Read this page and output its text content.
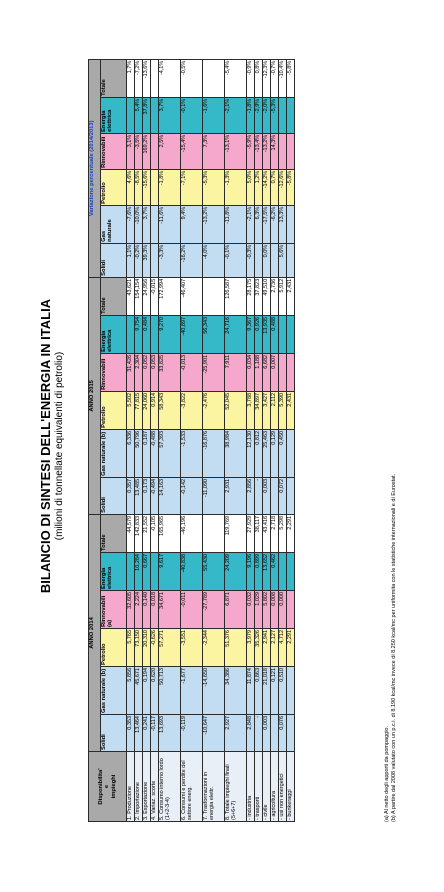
BILANCIO DI SINTESI DELL'ENERGIA IN ITALIA (milioni di tonnellate equivalenti di petrolio)
Disponibilita' e impieghi	ANNO 2014						ANNO 2015						Variazione percentuale (2014/2013)					
	Solidi	Gas naturale (b)	Petrolio	Rinnovabili (a)	Energia elettrica	Totale	Solidi	Gas naturale (b)	Petrolio	Rinnovabili	Energia elettrica	Totale	Solidi	Gas naturale	Petrolio	Rinnovabili	Energia elettrica	Totale
1. Produzione	0,353	5,856	5,765	32,605		44,579	0,357	6,336	5,502	31,426		43,621	1,1%	-7,6%	4,6%	3,1%		1,7%
2. Importazione	13,464	45,671	73,150	2,224	10,284	142,833	13,485	50,796	77,815	2,304	9,754	154,154	-0,2%	-10,0%	-8,5%	-3,5%	5,4%	-7,2%
3. Esportazione	0,241	0,194	20,310	0,140	0,667	21,552	0,173	0,187	24,060	0,052	0,484	24,956	39,3%	3,7%	-15,6%	169,2%	37,8%	-13,6%
4. Variaz. scorte	-0,117	0,620	-0,626	0,018		-0,105	-0,494	-0,488	0,914	0,053		-0,015						
5. Consumo interno lordo (1+2-3-4)	13,693	50,713	57,271	34,671	9,617	165,965	14,163	57,393	58,343	33,825	9,270	172,994	-3,3%	-11,6%	-1,8%	2,5%	3,7%	-4,1%
6. Consumi e perdite del settore energ.	-0,119	-1,677	-3,551	-0,011	-40,838	-46,196	-0,142	-1,533	-3,822	-0,013	-40,897	-46,407	-16,2%	9,4%	-7,1%	-15,4%	-0,1%	-0,5%
7. Trasformazioni in energia elettr.	-10,647	-14,650	-2,344	-27,789	55,430		-11,090	-16,876	-2,476	-25,901	56,343		-4,0%	-13,2%	-5,3%	7,3%	-1,6%	
8. Totale impieghi finali (5+6+7)	2,927	34,386	51,376	6,871	24,209	119,769	2,931	38,984	52,045	7,911	24,716	126,587	-0,1%	-11,8%	-1,3%	-13,1%	-2,1%	-5,4%
- industria	2,848	11,874	3,979	0,032	9,196	27,929	2,856	12,130	3,788	0,034	9,367	28,175	-0,3%	-2,1%	5,0%	-5,9%	-1,8%	-0,9%
- trasporti	-	0,863	35,326	1,029	0,899	38,117	-	0,812	34,897	1,188	0,926	37,823		6,3%	1,2%	-13,4%	-2,9%	0,8%
- civile	0,003	21,018	2,941	5,802	13,652	43,416	0,003	25,463	3,427	6,682	13,935	49,510	0,0%	-17,5%	-14,2%	-13,2%	-2,0%	-12,3%
- agricoltura		0,121	2,127	0,008	0,462	2,718		0,129	2,112	0,007	0,488	2,736		-6,2%	0,7%	14,3%	-5,3%	-0,7%
- usi non energetici	0,076	0,510	4,712	0,000		5,298	0,072	0,450	5,390			5,912	5,6%	13,3%	-12,6%			-10,4%
- bunkeraggi			2,291			2,291			2,431			2,431			-5,8%			-5,8%
(a) Al netto degli apporti da pompaggio. (b) A partire dal 2008 valutato con un p.c.i. di 8.190 kcal/mc invece di 8.250 kcal/mc per uniformita con le statistiche internazionali e di Eurostat.
